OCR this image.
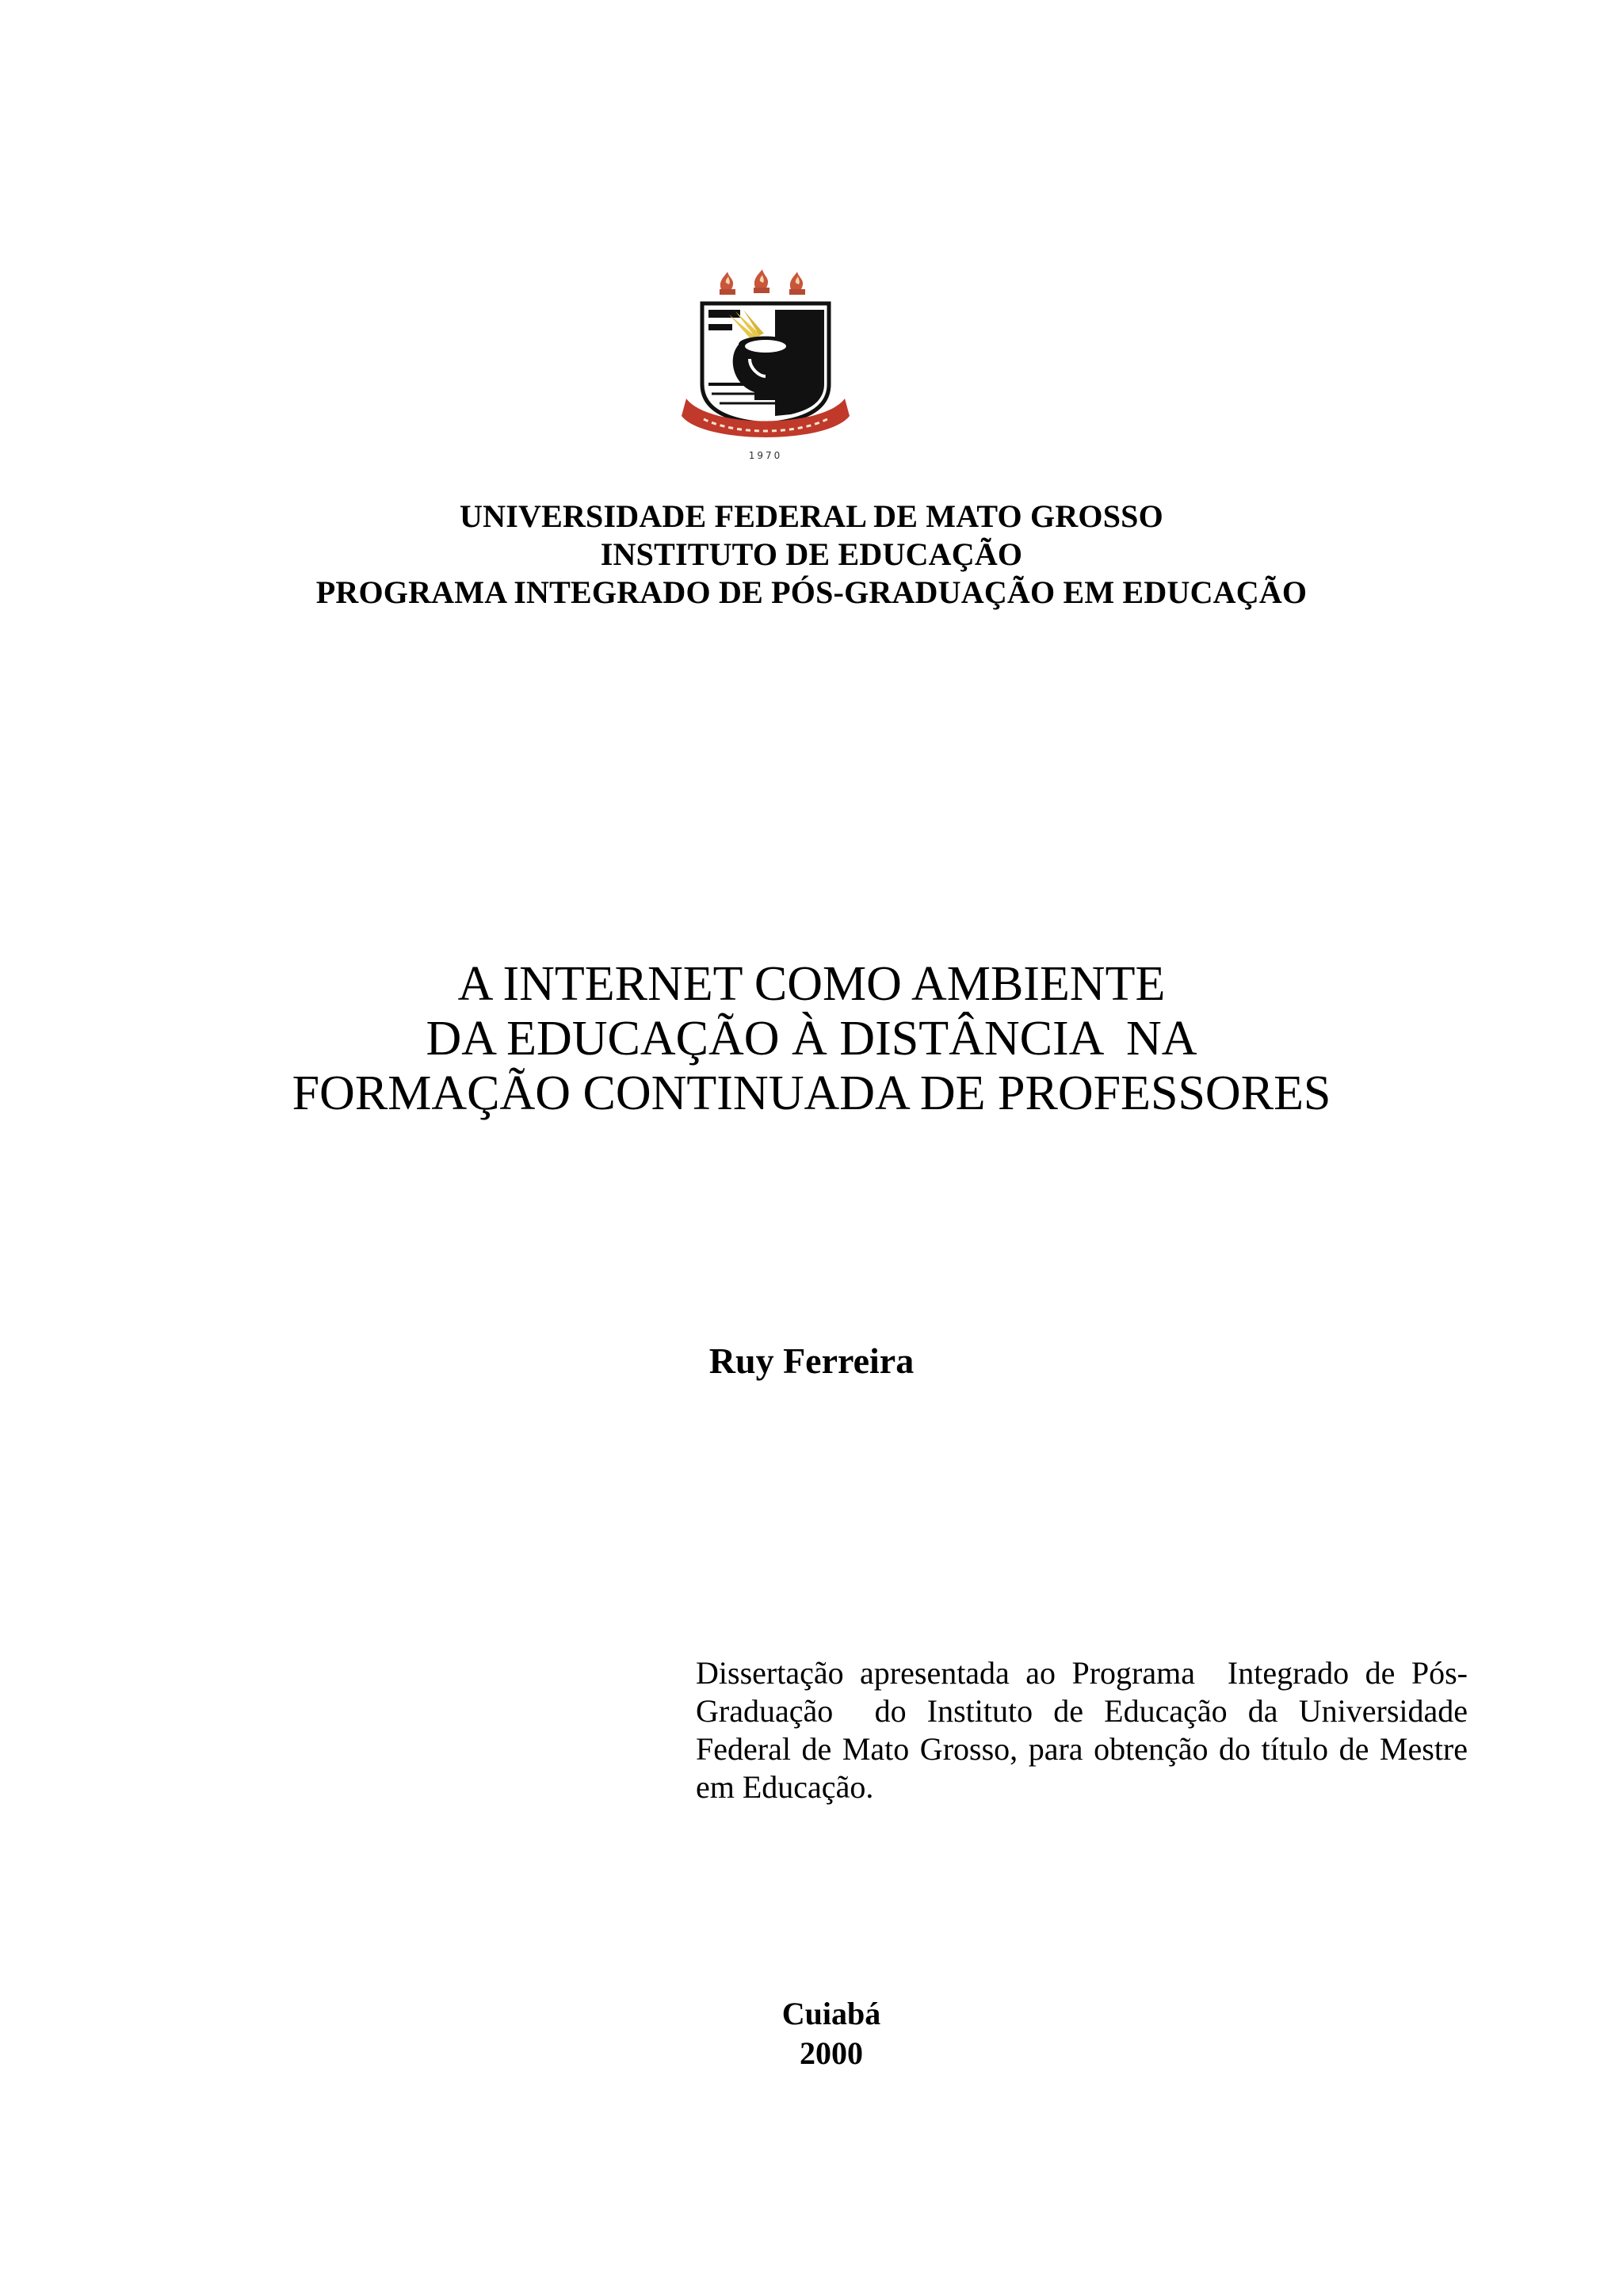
1970
UNIVERSIDADE FEDERAL DE MATO GROSSO
INSTITUTO DE EDUCAÇÃO
PROGRAMA INTEGRADO DE PÓS-GRADUAÇÃO EM EDUCAÇÃO
A INTERNET COMO AMBIENTE
DA EDUCAÇÃO À DISTÂNCIA  NA
FORMAÇÃO CONTINUADA DE PROFESSORES
Ruy Ferreira
Dissertação apresentada ao Programa  Integrado de Pós-
Graduação  do Instituto de Educação da Universidade
Federal de Mato Grosso, para obtenção do título de Mestre
em Educação.
Cuiabá
2000
